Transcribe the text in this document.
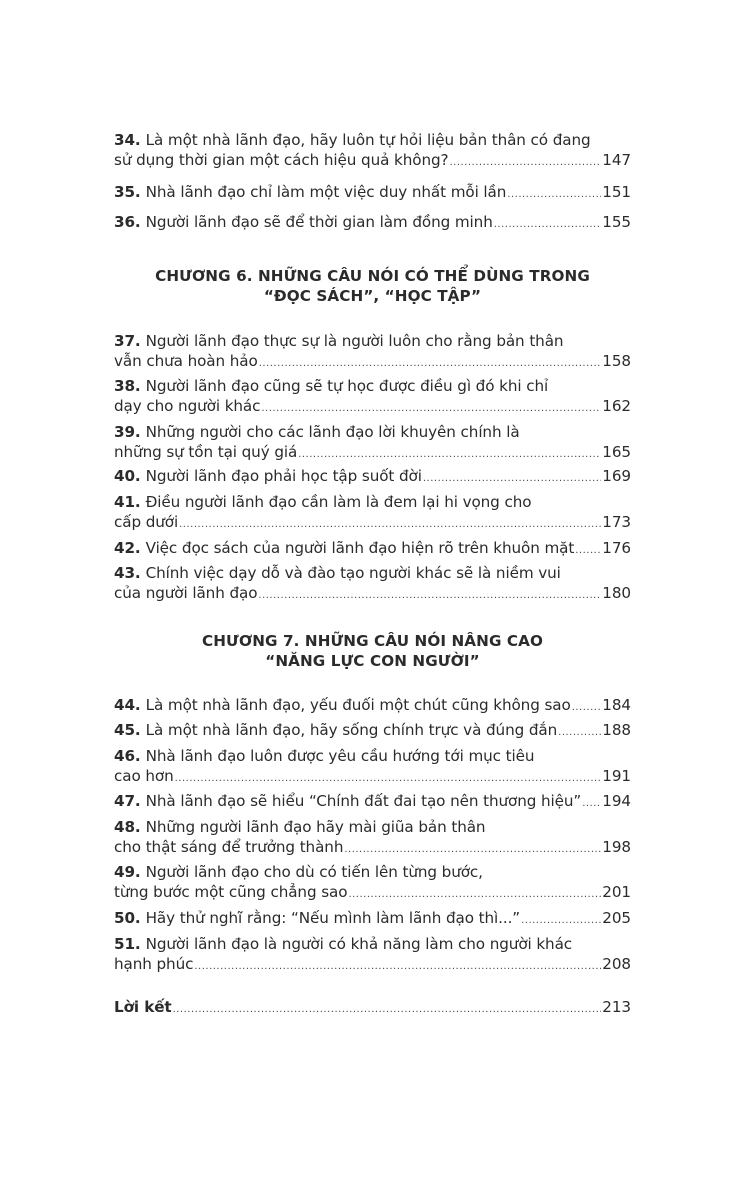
34. Là một nhà lãnh đạo, hãy luôn tự hỏi liệu bản thân có đang
sử dụng thời gian một cách hiệu quả không? .....	147
35. Nhà lãnh đạo chỉ làm một việc duy nhất mỗi lần .....	151
36. Người lãnh đạo sẽ để thời gian làm đồng minh .....	155
CHƯƠNG 6. NHỮNG CÂU NÓI CÓ THỂ DÙNG TRONG
“ĐỌC SÁCH”, “HỌC TẬP”
37. Người lãnh đạo thực sự là người luôn cho rằng bản thân
vẫn chưa hoàn hảo .....	158
38. Người lãnh đạo cũng sẽ tự học được điều gì đó khi chỉ
dạy cho người khác .....	162
39. Những người cho các lãnh đạo lời khuyên chính là
những sự tồn tại quý giá .....	165
40. Người lãnh đạo phải học tập suốt đời .....	169
41. Điều người lãnh đạo cần làm là đem lại hi vọng cho
cấp dưới .....	173
42. Việc đọc sách của người lãnh đạo hiện rõ trên khuôn mặt ..... 176
43. Chính việc dạy dỗ và đào tạo người khác sẽ là niềm vui
của người lãnh đạo .....	180
CHƯƠNG 7. NHỮNG CÂU NÓI NÂNG CAO
“NĂNG LỰC CON NGƯỜI”
44. Là một nhà lãnh đạo, yếu đuối một chút cũng không sao ..... 184
45. Là một nhà lãnh đạo, hãy sống chính trực và đúng đắn .....	188
46. Nhà lãnh đạo luôn được yêu cầu hướng tới mục tiêu
cao hơn .....	191
47. Nhà lãnh đạo sẽ hiểu “Chính đất đai tạo nên thương hiệu” ..... 194
48. Những người lãnh đạo hãy mài giũa bản thân
cho thật sáng để trưởng thành .....	198
49. Người lãnh đạo cho dù có tiến lên từng bước,
từng bước một cũng chẳng sao .....	201
50. Hãy thử nghĩ rằng: “Nếu mình làm lãnh đạo thì...” .....	205
51. Người lãnh đạo là người có khả năng làm cho người khác
hạnh phúc .....	208
Lời kết .....	213
